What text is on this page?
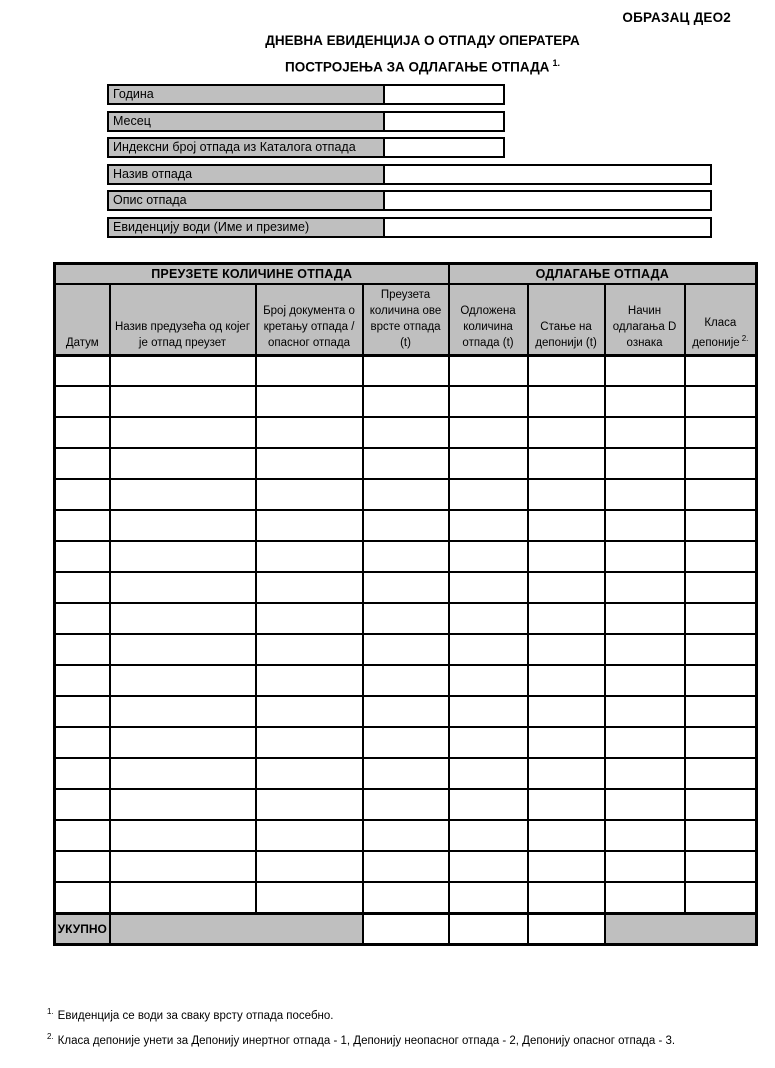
ОБРАЗАЦ ДЕО2
ДНЕВНА ЕВИДЕНЦИЈА О ОТПАДУ ОПЕРАТЕРА
ПОСТРОЈЕЊА ЗА ОДЛАГАЊЕ ОТПАДА $^{1.}$
Година
Месец
Индексни број отпада из Каталога отпада
Назив отпада
Опис отпада
Евиденцију води (Име и презиме)
ПРЕУЗЕТЕ КОЛИЧИНЕ ОТПАДА				ОДЛАГАЊЕ ОТПАДА			
Датум	Назив предузећа од којег је отпад преузет	Број документа о кретању отпада / опасног отпада	Преузета количина ове врсте отпада (t)	Одложена количина отпада (t)	Стање на депонији (t)	Начин одлагања D ознака	Класа депоније $^{2.}$

УКУПНО							
$^{1.}$ Евиденција се води за сваку врсту отпада посебно.
$^{2.}$ Класа депоније унети за Депонију инертног отпада - 1, Депонију неопасног отпада - 2, Депонију опасног отпада - 3.
